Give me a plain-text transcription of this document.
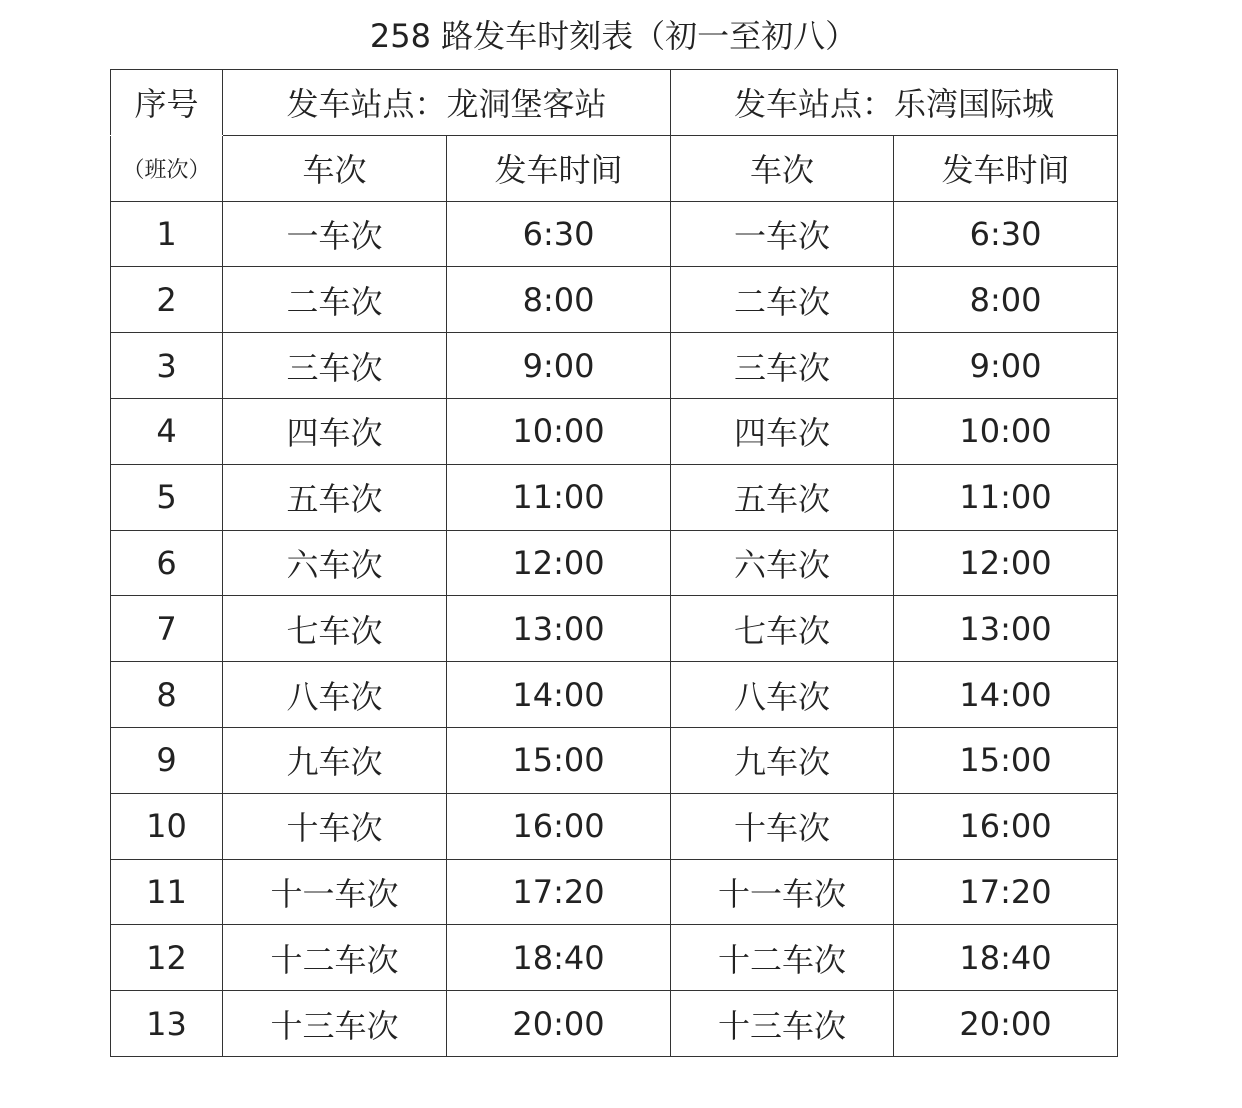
258 路发车时刻表（初一至初八）
序号	发车站点：龙洞堡客站		发车站点：乐湾国际城	
（班次）	车次	发车时间	车次	发车时间
1	一车次	6:30	一车次	6:30
2	二车次	8:00	二车次	8:00
3	三车次	9:00	三车次	9:00
4	四车次	10:00	四车次	10:00
5	五车次	11:00	五车次	11:00
6	六车次	12:00	六车次	12:00
7	七车次	13:00	七车次	13:00
8	八车次	14:00	八车次	14:00
9	九车次	15:00	九车次	15:00
10	十车次	16:00	十车次	16:00
11	十一车次	17:20	十一车次	17:20
12	十二车次	18:40	十二车次	18:40
13	十三车次	20:00	十三车次	20:00
